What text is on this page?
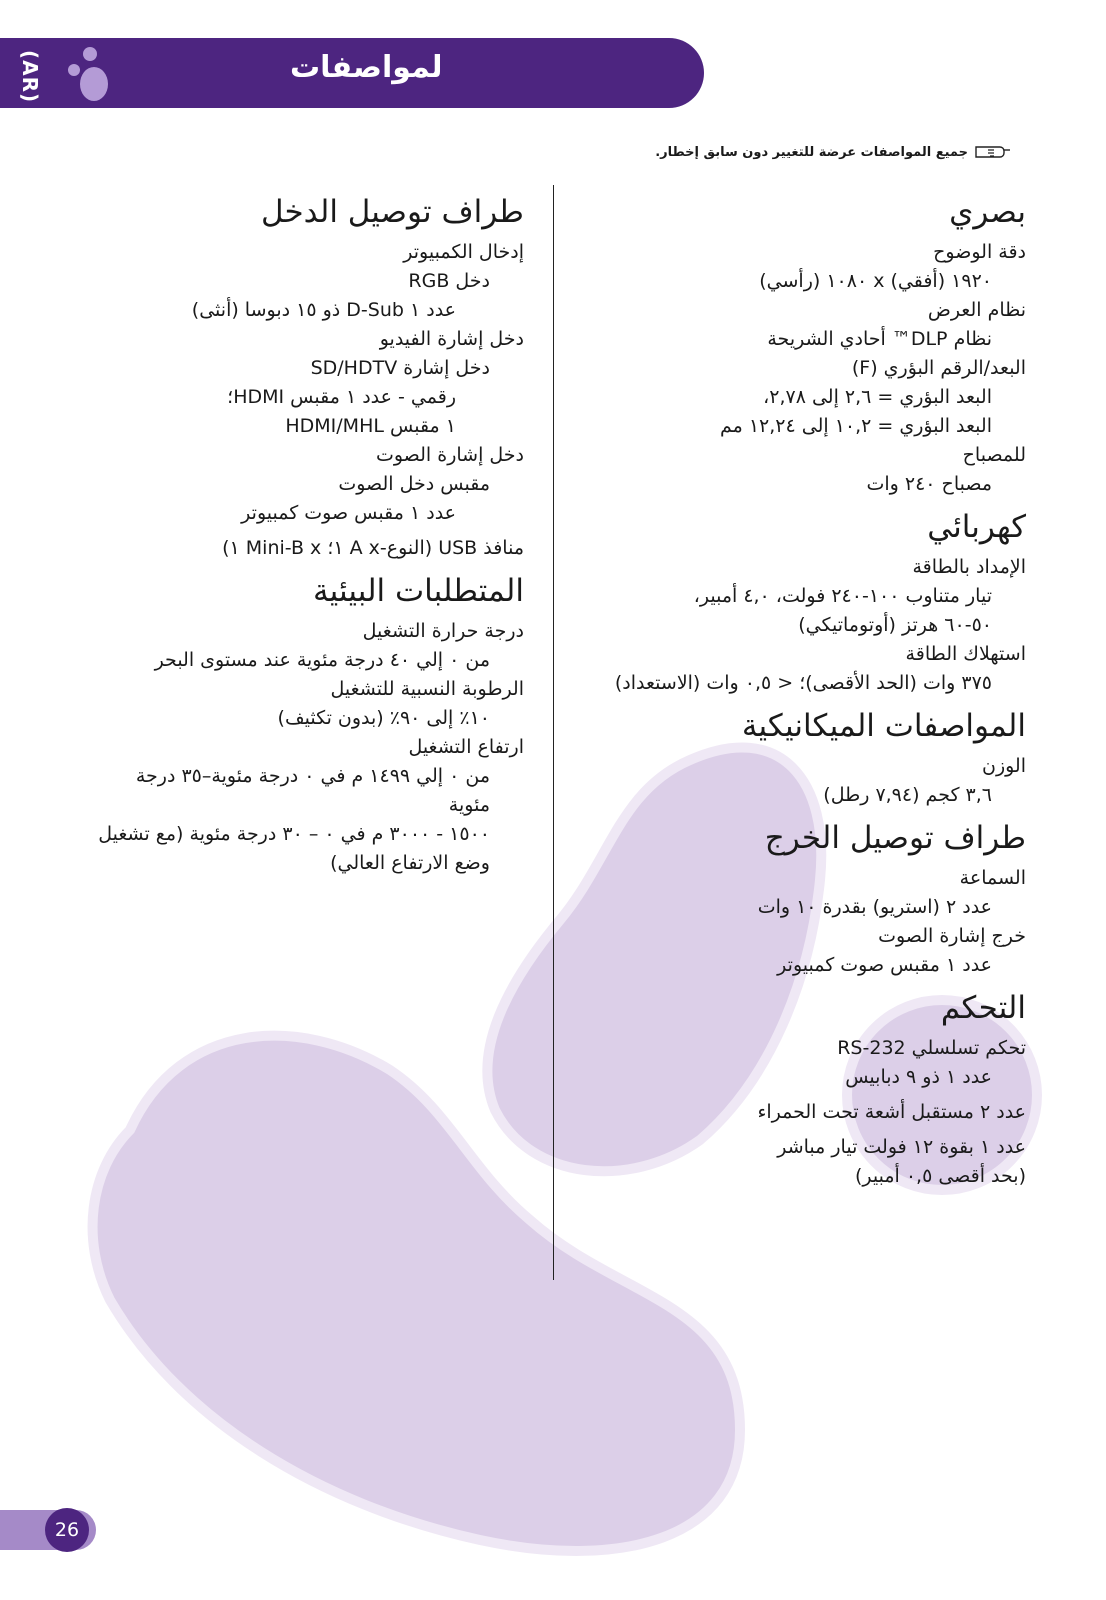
(AR)	لمواصفات
جميع المواصفات عرضة للتغيير دون سابق إخطار.
بصري
دقة الوضوح
١٩٢٠ (أفقي) x ١٠٨٠ (رأسي)
نظام العرض
نظام DLP™ أحادي الشريحة
البعد/الرقم البؤري (F)
البعد البؤري = ٢,٦ إلى ٢,٧٨،
البعد البؤري = ١٠,٢ إلى ١٢,٢٤ مم
للمصباح
مصباح ٢٤٠ وات
كهربائي
الإمداد بالطاقة
تيار متناوب ١٠٠-٢٤٠ فولت، ٤,٠ أمبير،
٥٠-٦٠ هرتز (أوتوماتيكي)
استهلاك الطاقة
٣٧٥ وات (الحد الأقصى)؛ < ٠,٥ وات (الاستعداد)
المواصفات الميكانيكية
الوزن
٣,٦ كجم (٧,٩٤ رطل)
طراف توصيل الخرج
السماعة
عدد ٢ (استريو) بقدرة ١٠ وات
خرج إشارة الصوت
عدد ١ مقبس صوت كمبيوتر
التحكم
تحكم تسلسلي RS-232
عدد ١ ذو ٩ دبابيس
عدد ٢ مستقبل أشعة تحت الحمراء
عدد ١ بقوة ١٢ فولت تيار مباشر
(بحد أقصى ٠,٥ أمبير)
طراف توصيل الدخل
إدخال الكمبيوتر
دخل RGB
عدد ١ D-Sub ذو ١٥ دبوسا (أنثى)
دخل إشارة الفيديو
دخل إشارة SD/HDTV
رقمي - عدد ١ مقبس HDMI؛
١ مقبس HDMI/MHL
دخل إشارة الصوت
مقبس دخل الصوت
عدد ١ مقبس صوت كمبيوتر
منافذ USB (النوع-A x ١؛ Mini-B x ١)
المتطلبات البيئية
درجة حرارة التشغيل
من ٠ إلي ٤٠ درجة مئوية عند مستوى البحر
الرطوبة النسبية للتشغيل
١٠٪ إلى ٩٠٪ (بدون تكثيف)
ارتفاع التشغيل
من ٠ إلي ١٤٩٩ م في ٠ درجة مئوية–٣٥ درجة مئوية
١٥٠٠ - ٣٠٠٠ م في ٠ – ٣٠ درجة مئوية (مع تشغيل وضع الارتفاع العالي)
26
